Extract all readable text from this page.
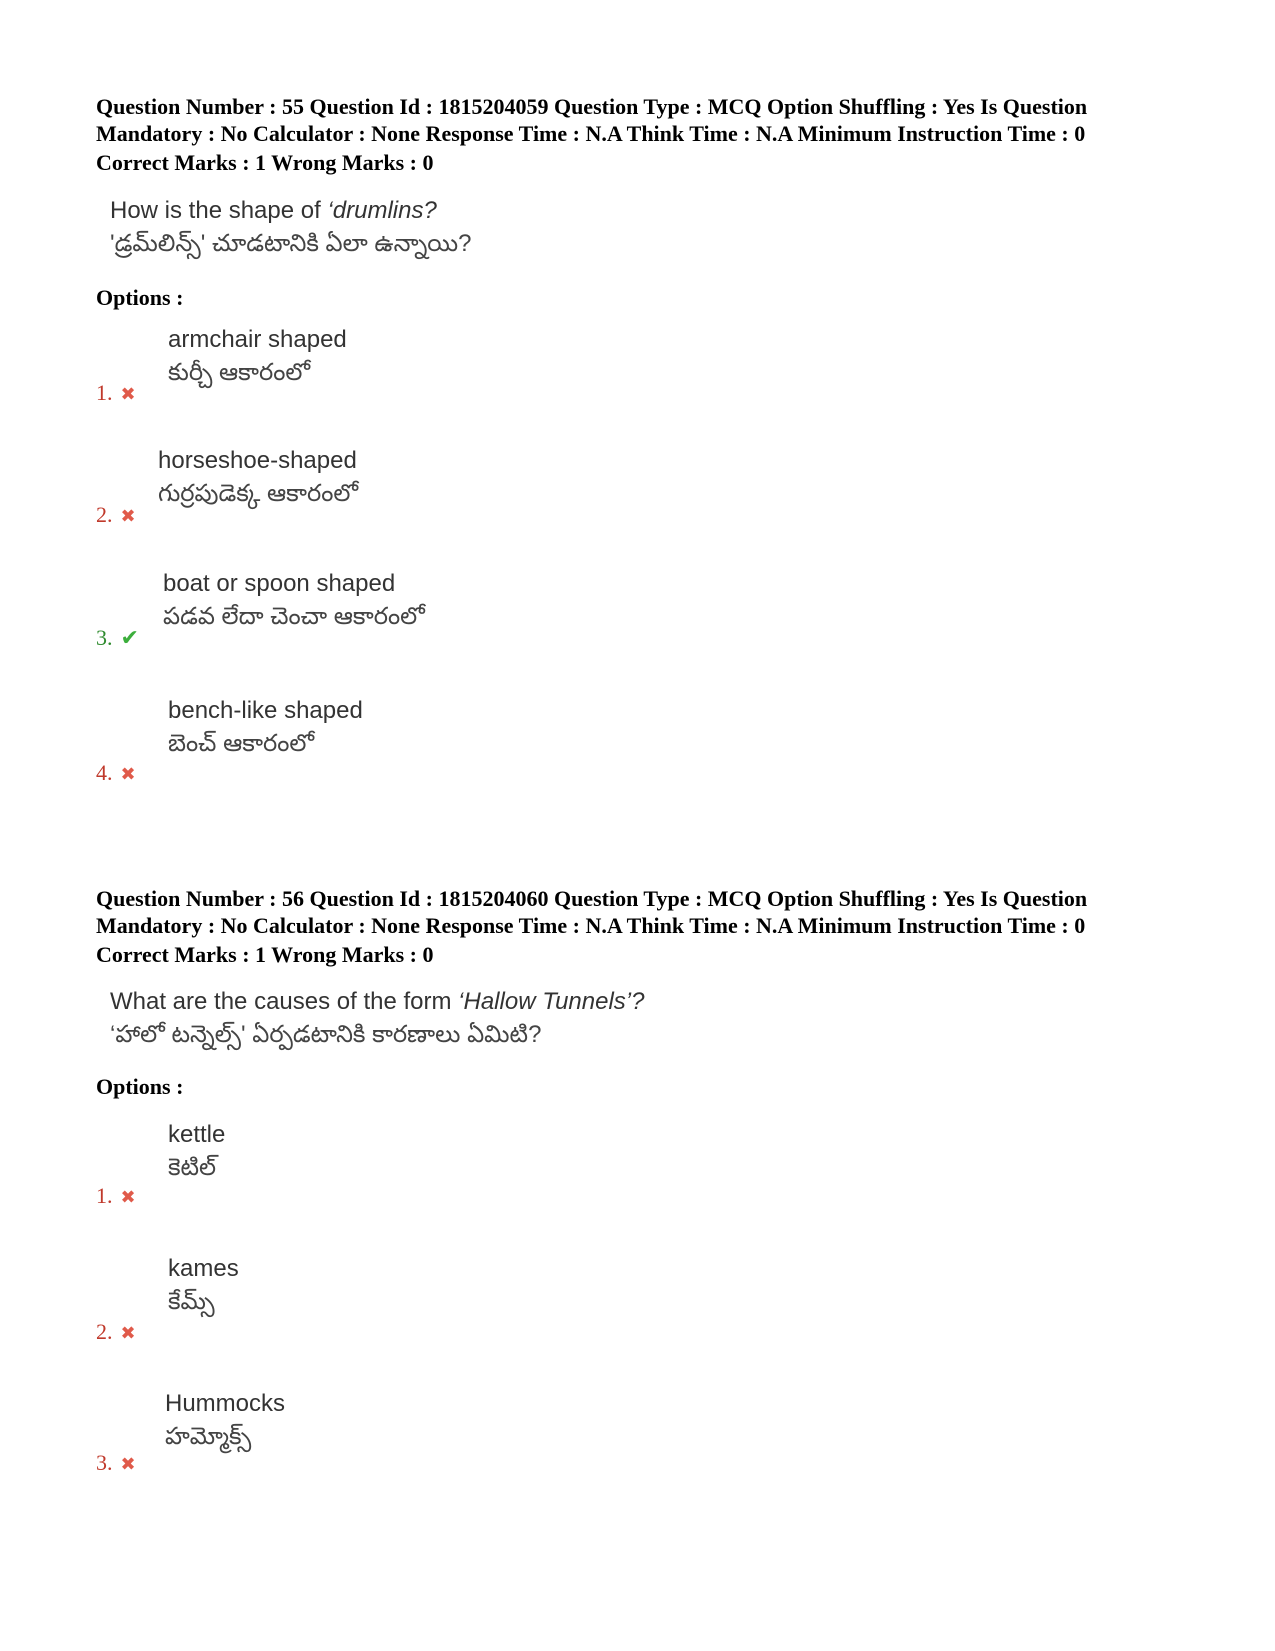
Question Number : 55 Question Id : 1815204059 Question Type : MCQ Option Shuffling : Yes Is Question
Mandatory : No Calculator : None Response Time : N.A Think Time : N.A Minimum Instruction Time : 0
Correct Marks : 1 Wrong Marks : 0
How is the shape of ‘drumlins?
'డ్రమ్‌లిన్స్' చూడటానికి ఏలా ఉన్నాయి?
Options :
armchair shaped
కుర్చీ ఆకారంలో
1. ✖
horseshoe-shaped
గుర్రపుడెక్క ఆకారంలో
2. ✖
boat or spoon shaped
పడవ లేదా చెంచా ఆకారంలో
3. ✔
bench-like shaped
బెంచ్ ఆకారంలో
4. ✖
Question Number : 56 Question Id : 1815204060 Question Type : MCQ Option Shuffling : Yes Is Question
Mandatory : No Calculator : None Response Time : N.A Think Time : N.A Minimum Instruction Time : 0
Correct Marks : 1 Wrong Marks : 0
What are the causes of the form ‘Hallow Tunnels’?
‘హాలో టన్నెల్స్' ఏర్పడటానికి కారణాలు ఏమిటి?
Options :
kettle
కెటిల్
1. ✖
kames
కేమ్స్
2. ✖
Hummocks
హమ్మోక్స్
3. ✖
